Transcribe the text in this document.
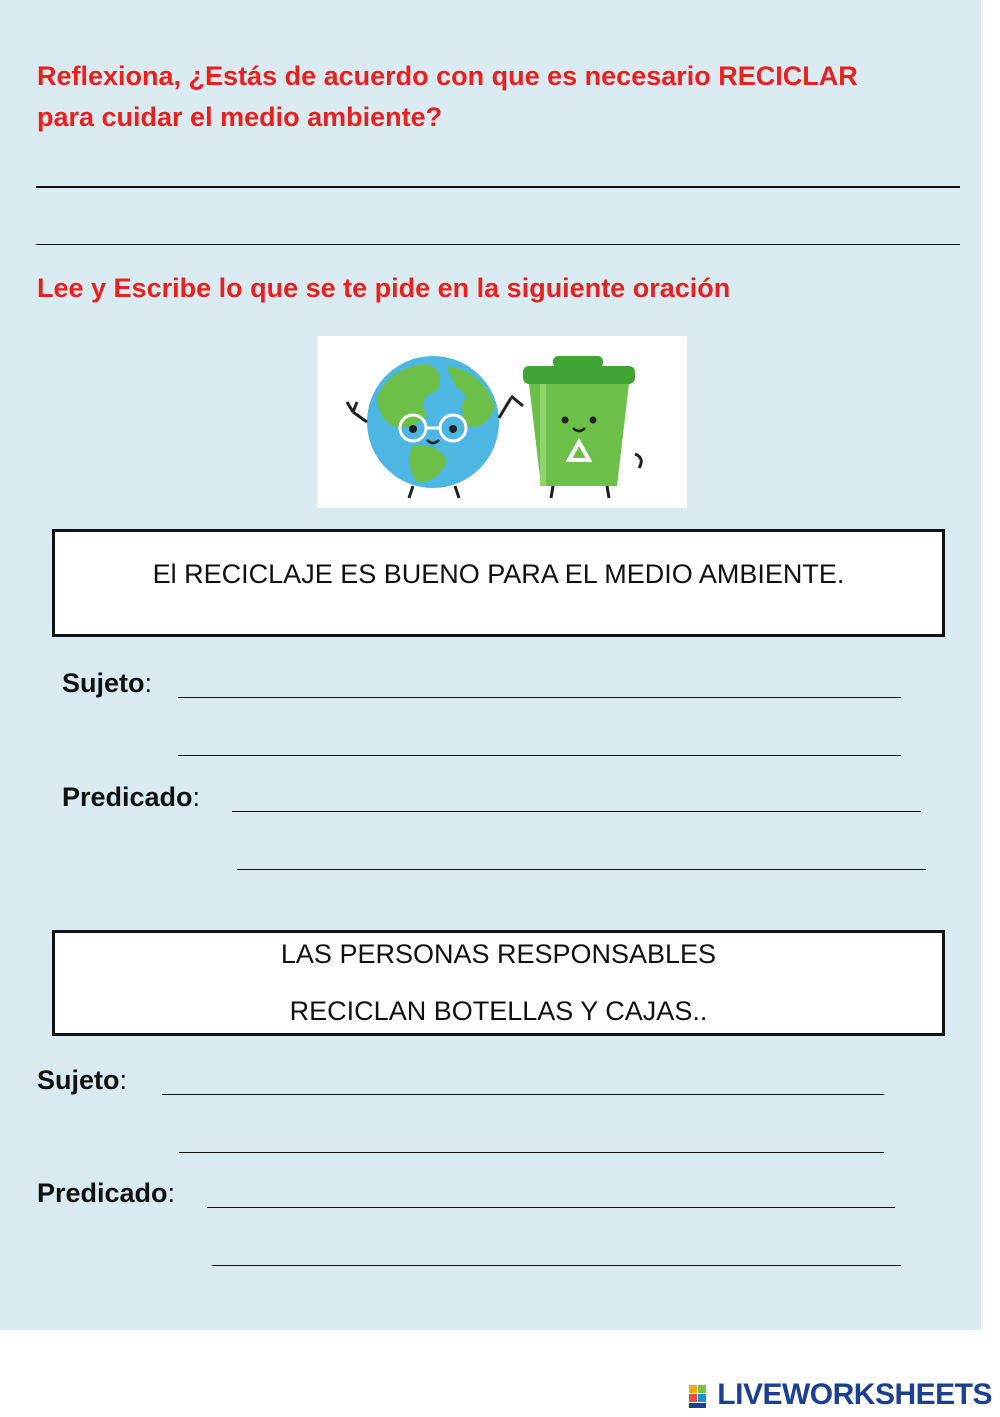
Reflexiona, ¿Estás de acuerdo con que es necesario RECICLAR
para cuidar el medio ambiente?
Lee y Escribe lo que se te pide en la siguiente oración
El RECICLAJE ES BUENO PARA EL MEDIO AMBIENTE.
Sujeto:
Predicado:
LAS PERSONAS RESPONSABLES
RECICLAN BOTELLAS Y CAJAS..
Sujeto:
Predicado:
LIVEWORKSHEETS
